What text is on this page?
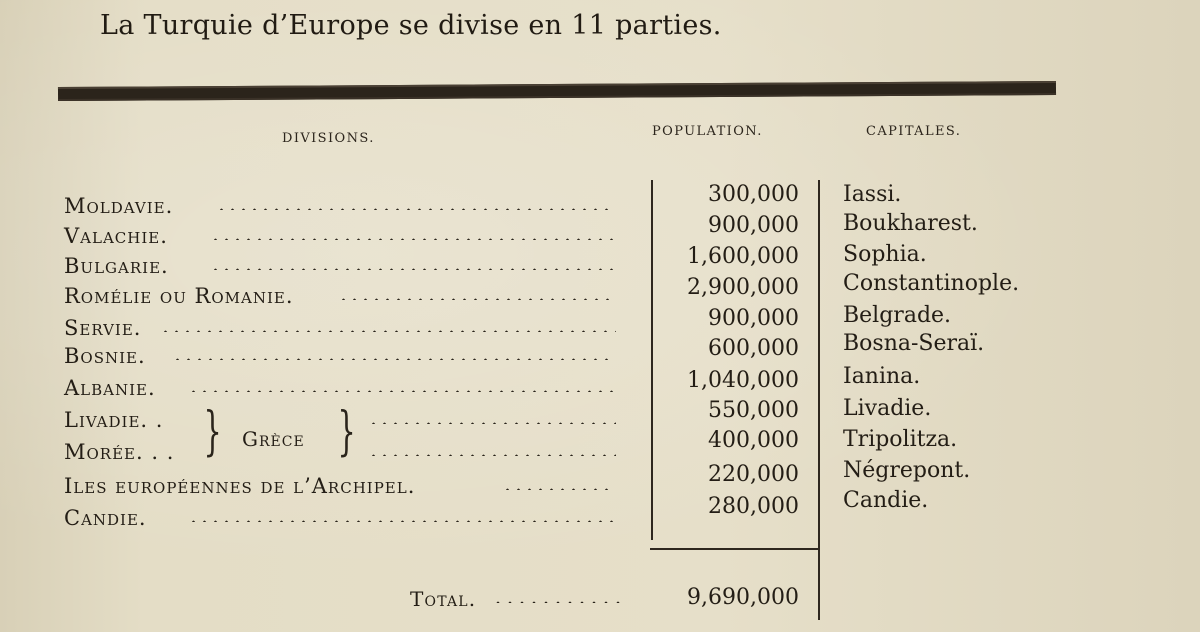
La Turquie d’Europe se divise en 11 parties.
DIVISIONS.	POPULATION.	CAPITALES.
Moldavie.	300,000 Iassi.
Valachie.	900,000 Boukharest.
Bulgarie.	1,600,000 Sophia.
Romélie ou Romanie.	2,900,000 Constantinople.
Servie.	900,000 Belgrade.
Bosnie.	600,000 Bosna-Seraï.
Albanie.	1,040,000 Ianina.
Livadie. .	550,000 Livadie.
Morée. . .	400,000 Tripolitza.
Iles européennes de l’Archipel.	220,000 Négrepont.
Candie.	280,000 Candie.
} Grèce }
Total.	9,690,000
